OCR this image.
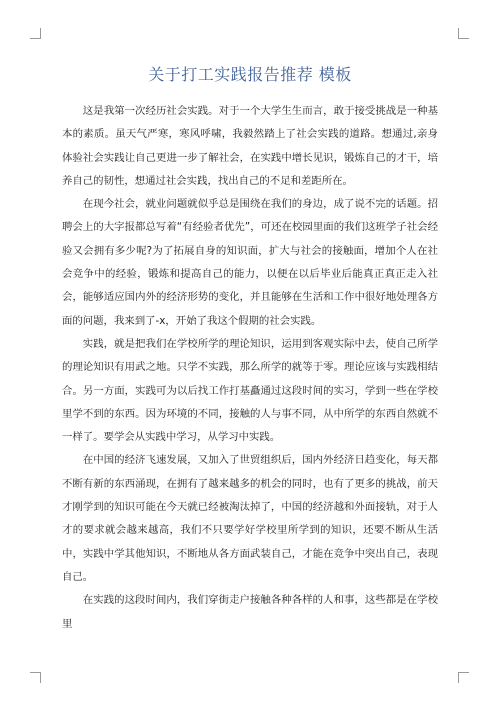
关于打工实践报告推荐 模板

这是我第一次经历社会实践。对于一个大学生生而言，敢于接受挑战是一种基本的素质。虽天气严寒，寒风呼啸，我毅然踏上了社会实践的道路。想通过,亲身体验社会实践让自己更进一步了解社会，在实践中增长见识，锻炼自己的才干，培养自己的韧性，想通过社会实践，找出自己的不足和差距所在。

在现今社会，就业问题就似乎总是围绕在我们的身边，成了说不完的话题。招聘会上的大字报都总写着“有经验者优先”，可还在校园里面的我们这班学子社会经验又会拥有多少呢?为了拓展自身的知识面，扩大与社会的接触面，增加个人在社会竞争中的经验，锻炼和提高自己的能力，以便在以后毕业后能真正真正走入社会，能够适应国内外的经济形势的变化，并且能够在生活和工作中很好地处理各方面的问题，我来到了-x，开始了我这个假期的社会实践。

实践，就是把我们在学校所学的理论知识，运用到客观实际中去，使自己所学的理论知识有用武之地。只学不实践，那么所学的就等于零。理论应该与实践相结合。另一方面，实践可为以后找工作打基矗通过这段时间的实习，学到一些在学校里学不到的东西。因为环境的不同，接触的人与事不同，从中所学的东西自然就不一样了。要学会从实践中学习，从学习中实践。

在中国的经济飞速发展，又加入了世贸组织后，国内外经济日趋变化，每天都不断有新的东西涌现，在拥有了越来越多的机会的同时，也有了更多的挑战，前天才刚学到的知识可能在今天就已经被淘汰掉了，中国的经济越和外面接轨，对于人才的要求就会越来越高，我们不只要学好学校里所学到的知识，还要不断从生活中，实践中学其他知识，不断地从各方面武装自己，才能在竞争中突出自己，表现自己。

在实践的这段时间内，我们穿街走户接触各种各样的人和事，这些都是在学校里
